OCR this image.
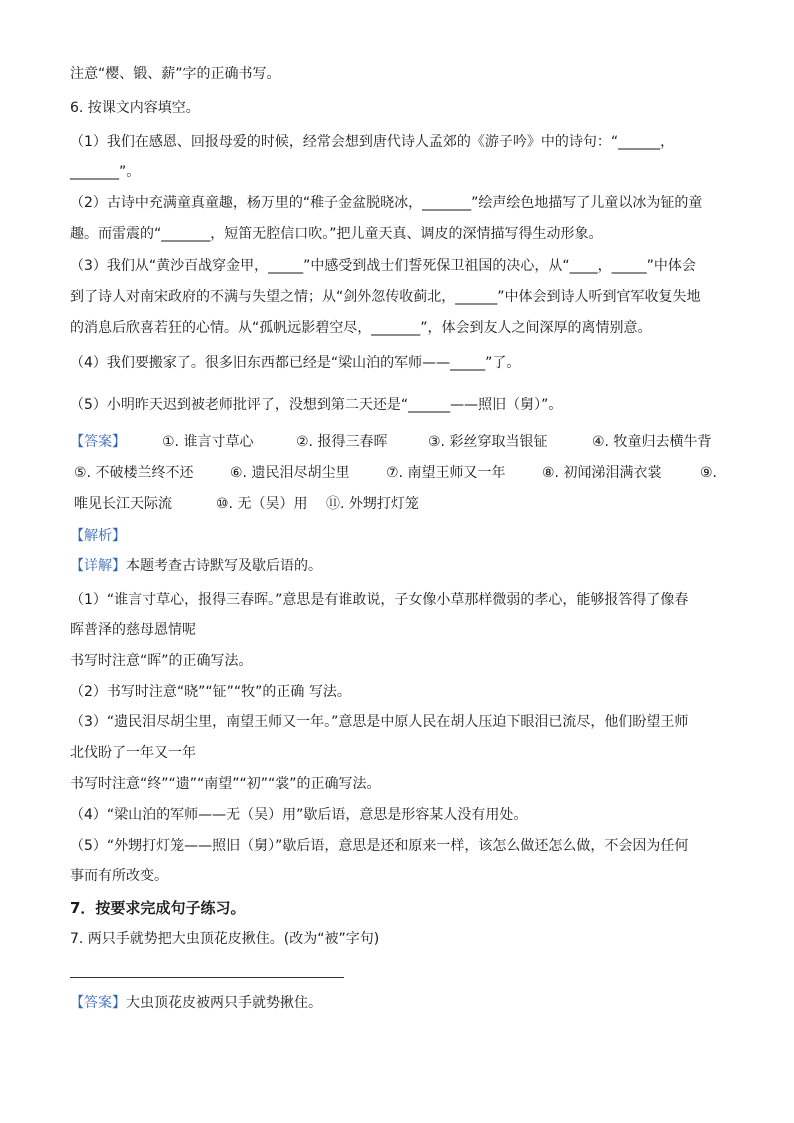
注意“樱、锻、薪”字的正确书写。
6. 按课文内容填空。
（1）我们在感恩、回报母爱的时候，经常会想到唐代诗人孟郊的《游子吟》中的诗句：“______，
_______”。
（2）古诗中充满童真童趣，杨万里的“稚子金盆脱晓冰，_______”绘声绘色地描写了儿童以冰为钲的童
趣。而雷震的“_______，短笛无腔信口吹。”把儿童天真、调皮的深情描写得生动形象。
（3）我们从“黄沙百战穿金甲，_____”中感受到战士们誓死保卫祖国的决心，从“____，_____”中体会
到了诗人对南宋政府的不满与失望之情；从“剑外忽传收蓟北，______”中体会到诗人听到官军收复失地
的消息后欣喜若狂的心情。从“孤帆远影碧空尽，_______”，体会到友人之间深厚的离情别意。
（4）我们要搬家了。很多旧东西都已经是“梁山泊的军师——_____”了。
（5）小明昨天迟到被老师批评了，没想到第二天还是“______——照旧（舅）”。
【答案】	①. 谁言寸草心	②. 报得三春晖	③. 彩丝穿取当银钲	④. 牧童归去横牛背
⑤. 不破楼兰终不还	⑥. 遗民泪尽胡尘里	⑦. 南望王师又一年	⑧. 初闻涕泪满衣裳	⑨.
唯见长江天际流	⑩. 无（吴）用 ⑪. 外甥打灯笼
【解析】
【详解】本题考查古诗默写及歇后语的。
（1）“谁言寸草心，报得三春晖。”意思是有谁敢说，子女像小草那样微弱的孝心，能够报答得了像春
晖普泽的慈母恩情呢
书写时注意“晖”的正确写法。
（2）书写时注意“晓”“钲”“牧”的正确 写法。
（3）“遗民泪尽胡尘里，南望王师又一年。”意思是中原人民在胡人压迫下眼泪已流尽，他们盼望王师
北伐盼了一年又一年
书写时注意“终”“遗”“南望”“初”“裳”的正确写法。
（4）“梁山泊的军师——无（吴）用”歇后语，意思是形容某人没有用处。
（5）“外甥打灯笼——照旧（舅）”歇后语，意思是还和原来一样，该怎么做还怎么做，不会因为任何
事而有所改变。
7．按要求完成句子练习。
7. 两只手就势把大虫顶花皮揪住。(改为“被”字句)
【答案】大虫顶花皮被两只手就势揪住。
